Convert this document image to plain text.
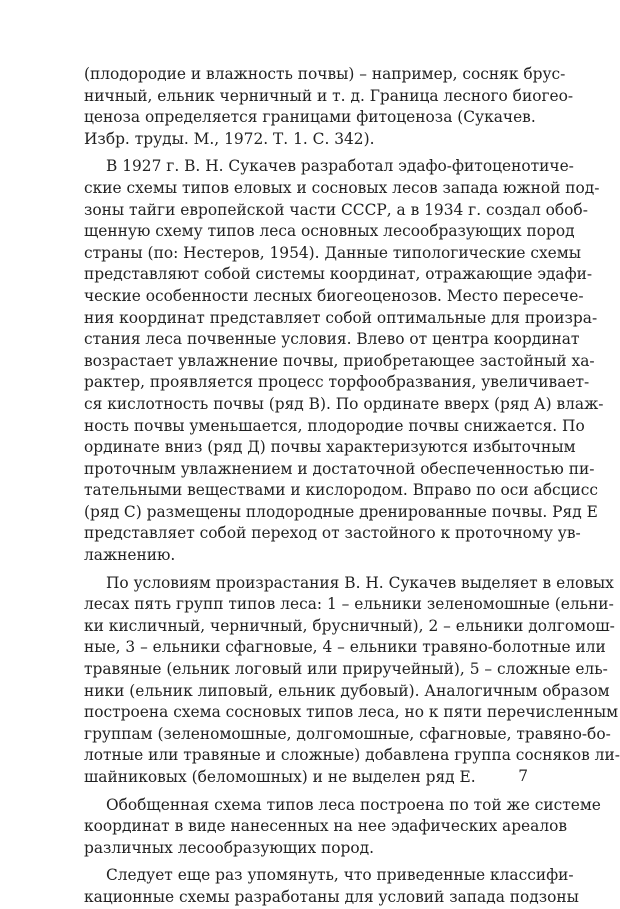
(плодородие и влажность почвы) – например, сосняк брус-
ничный, ельник черничный и т. д. Граница лесного биогео-
ценоза определяется границами фитоценоза (Сукачев.
Избр. труды. М., 1972. Т. 1. С. 342).
В 1927 г. В. Н. Сукачев разработал эдафо-фитоценотиче-
ские схемы типов еловых и сосновых лесов запада южной под-
зоны тайги европейской части СССР, а в 1934 г. создал обоб-
щенную схему типов леса основных лесообразующих пород
страны (по: Нестеров, 1954). Данные типологические схемы
представляют собой системы координат, отражающие эдафи-
ческие особенности лесных биогеоценозов. Место пересече-
ния координат представляет собой оптимальные для произра-
стания леса почвенные условия. Влево от центра координат
возрастает увлажнение почвы, приобретающее застойный ха-
рактер, проявляется процесс торфообразвания, увеличивает-
ся кислотность почвы (ряд В). По ординате вверх (ряд А) влаж-
ность почвы уменьшается, плодородие почвы снижается. По
ординате вниз (ряд Д) почвы характеризуются избыточным
проточным увлажнением и достаточной обеспеченностью пи-
тательными веществами и кислородом. Вправо по оси абсцисс
(ряд С) размещены плодородные дренированные почвы. Ряд Е
представляет собой переход от застойного к проточному ув-
лажнению.
По условиям произрастания В. Н. Сукачев выделяет в еловых
лесах пять групп типов леса: 1 – ельники зеленомошные (ельни-
ки кисличный, черничный, брусничный), 2 – ельники долгомош-
ные, 3 – ельники сфагновые, 4 – ельники травяно-болотные или
травяные (ельник логовый или приручейный), 5 – сложные ель-
ники (ельник липовый, ельник дубовый). Аналогичным образом
построена схема сосновых типов леса, но к пяти перечисленным
группам (зеленомошные, долгомошные, сфагновые, травяно-бо-
лотные или травяные и сложные) добавлена группа сосняков ли-
шайниковых (беломошных) и не выделен ряд Е.
Обобщенная схема типов леса построена по той же системе
координат в виде нанесенных на нее эдафических ареалов
различных лесообразующих пород.
Следует еще раз упомянуть, что приведенные классифи-
кационные схемы разработаны для условий запада подзоны
7
